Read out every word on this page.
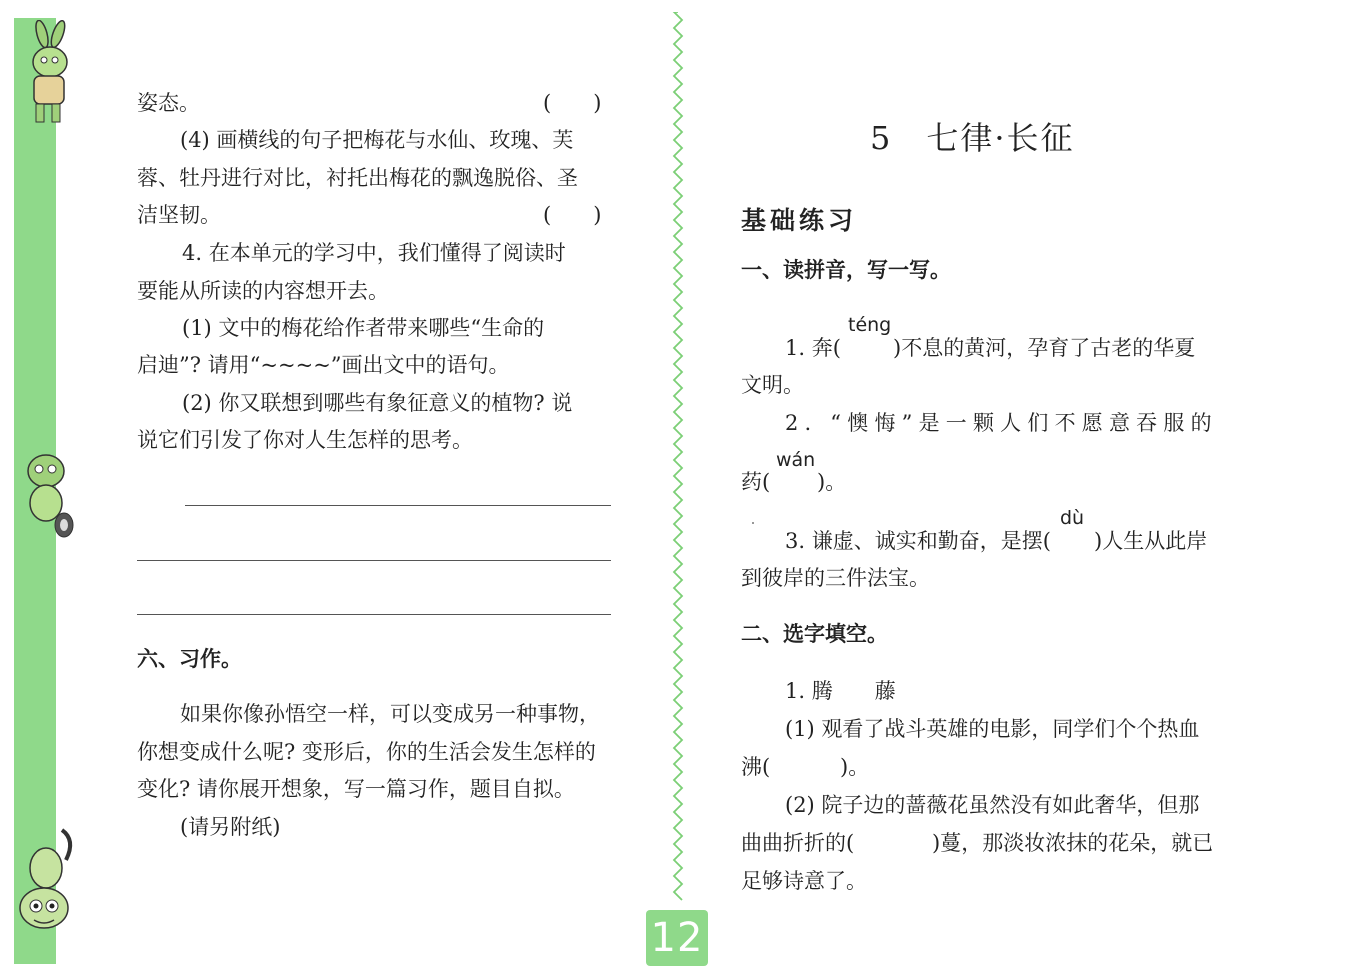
姿态。	(　　)
(4) 画横线的句子把梅花与水仙、玫瑰、芙
蓉、牡丹进行对比，衬托出梅花的飘逸脱俗、圣
洁坚韧。	(　　)
4. 在本单元的学习中，我们懂得了阅读时
要能从所读的内容想开去。
(1) 文中的梅花给作者带来哪些“生命的
启迪”? 请用“~~~~”画出文中的语句。
(2) 你又联想到哪些有象征意义的植物? 说
说它们引发了你对人生怎样的思考。
六、习作。
如果你像孙悟空一样，可以变成另一种事物，
你想变成什么呢? 变形后，你的生活会发生怎样的
变化? 请你展开想象，写一篇习作，题目自拟。
(请另附纸)
5　七律·长征
基础练习
一、读拼音，写一写。
téng
1. 奔( )不息的黄河，孕育了古老的华夏
文明。
2. “懊悔”是一颗人们不愿意吞服的
wán
药( )。
dù
3. 谦虚、诚实和勤奋，是摆( )人生从此岸
到彼岸的三件法宝。
二、选字填空。
1. 腾　　藤
(1) 观看了战斗英雄的电影，同学们个个热血
沸(	)。
(2) 院子边的蔷薇花虽然没有如此奢华，但那
曲曲折折的(	)蔓，那淡妆浓抹的花朵，就已
足够诗意了。
12
